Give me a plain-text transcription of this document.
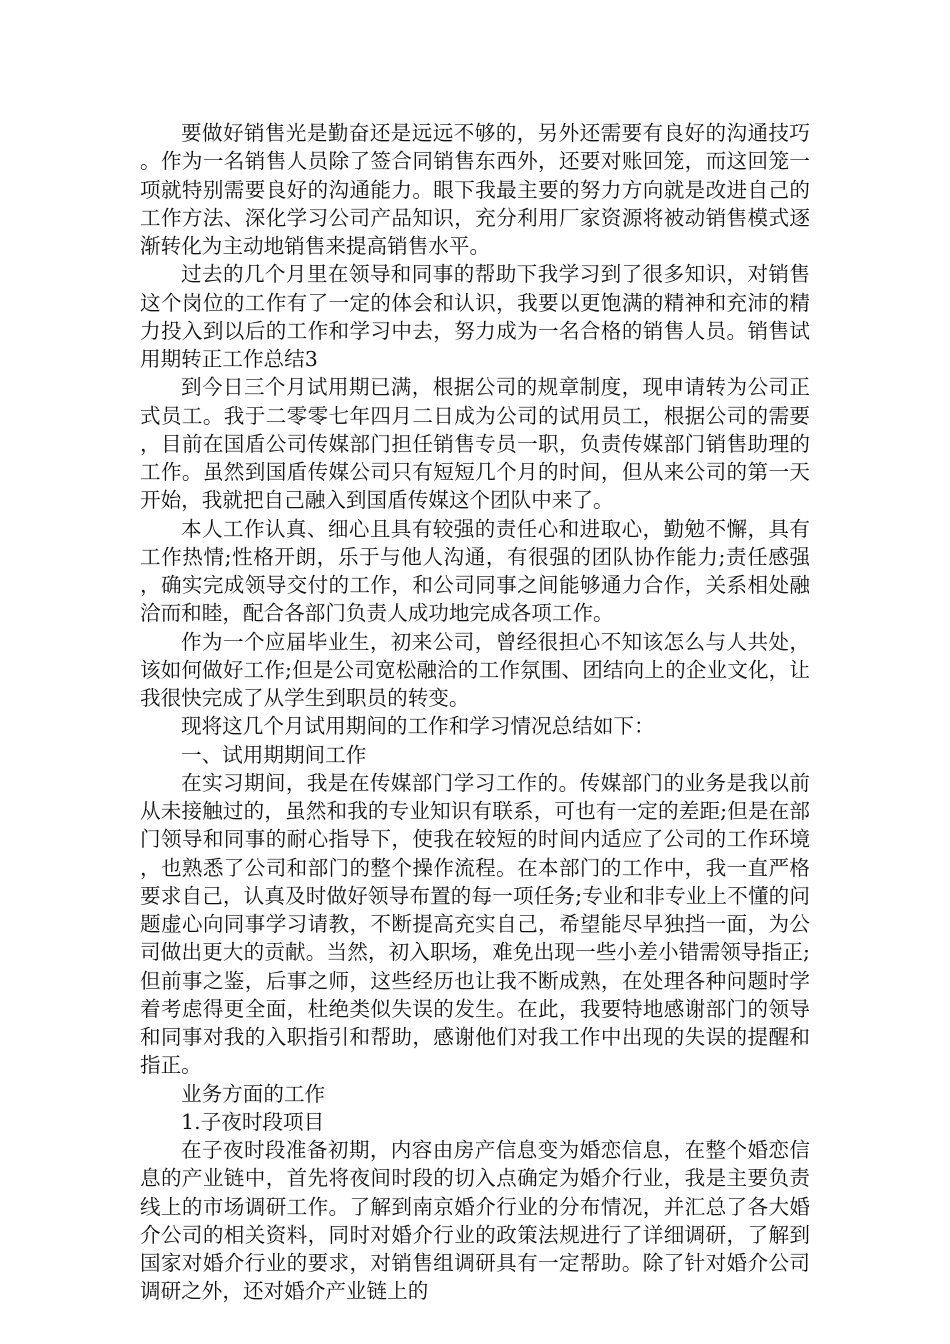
要做好销售光是勤奋还是远远不够的，另外还需要有良好的沟通技巧。作为一名销售人员除了签合同销售东西外，还要对账回笼，而这回笼一项就特别需要良好的沟通能力。眼下我最主要的努力方向就是改进自己的工作方法、深化学习公司产品知识，充分利用厂家资源将被动销售模式逐渐转化为主动地销售来提高销售水平。

过去的几个月里在领导和同事的帮助下我学习到了很多知识，对销售这个岗位的工作有了一定的体会和认识，我要以更饱满的精神和充沛的精力投入到以后的工作和学习中去，努力成为一名合格的销售人员。销售试用期转正工作总结3

到今日三个月试用期已满，根据公司的规章制度，现申请转为公司正式员工。我于二零零七年四月二日成为公司的试用员工，根据公司的需要，目前在国盾公司传媒部门担任销售专员一职，负责传媒部门销售助理的工作。虽然到国盾传媒公司只有短短几个月的时间，但从来公司的第一天开始，我就把自己融入到国盾传媒这个团队中来了。

本人工作认真、细心且具有较强的责任心和进取心，勤勉不懈，具有工作热情;性格开朗，乐于与他人沟通，有很强的团队协作能力;责任感强，确实完成领导交付的工作，和公司同事之间能够通力合作，关系相处融洽而和睦，配合各部门负责人成功地完成各项工作。

作为一个应届毕业生，初来公司，曾经很担心不知该怎么与人共处，该如何做好工作;但是公司宽松融洽的工作氛围、团结向上的企业文化，让我很快完成了从学生到职员的转变。

现将这几个月试用期间的工作和学习情况总结如下：

一、试用期期间工作

在实习期间，我是在传媒部门学习工作的。传媒部门的业务是我以前从未接触过的，虽然和我的专业知识有联系，可也有一定的差距;但是在部门领导和同事的耐心指导下，使我在较短的时间内适应了公司的工作环境，也熟悉了公司和部门的整个操作流程。在本部门的工作中，我一直严格要求自己，认真及时做好领导布置的每一项任务;专业和非专业上不懂的问题虚心向同事学习请教，不断提高充实自己，希望能尽早独挡一面，为公司做出更大的贡献。当然，初入职场，难免出现一些小差小错需领导指正;但前事之鉴，后事之师，这些经历也让我不断成熟，在处理各种问题时学着考虑得更全面，杜绝类似失误的发生。在此，我要特地感谢部门的领导和同事对我的入职指引和帮助，感谢他们对我工作中出现的失误的提醒和指正。

业务方面的工作

1.子夜时段项目

在子夜时段准备初期，内容由房产信息变为婚恋信息，在整个婚恋信息的产业链中，首先将夜间时段的切入点确定为婚介行业，我是主要负责线上的市场调研工作。了解到南京婚介行业的分布情况，并汇总了各大婚介公司的相关资料，同时对婚介行业的政策法规进行了详细调研，了解到国家对婚介行业的要求，对销售组调研具有一定帮助。除了针对婚介公司调研之外，还对婚介产业链上的
